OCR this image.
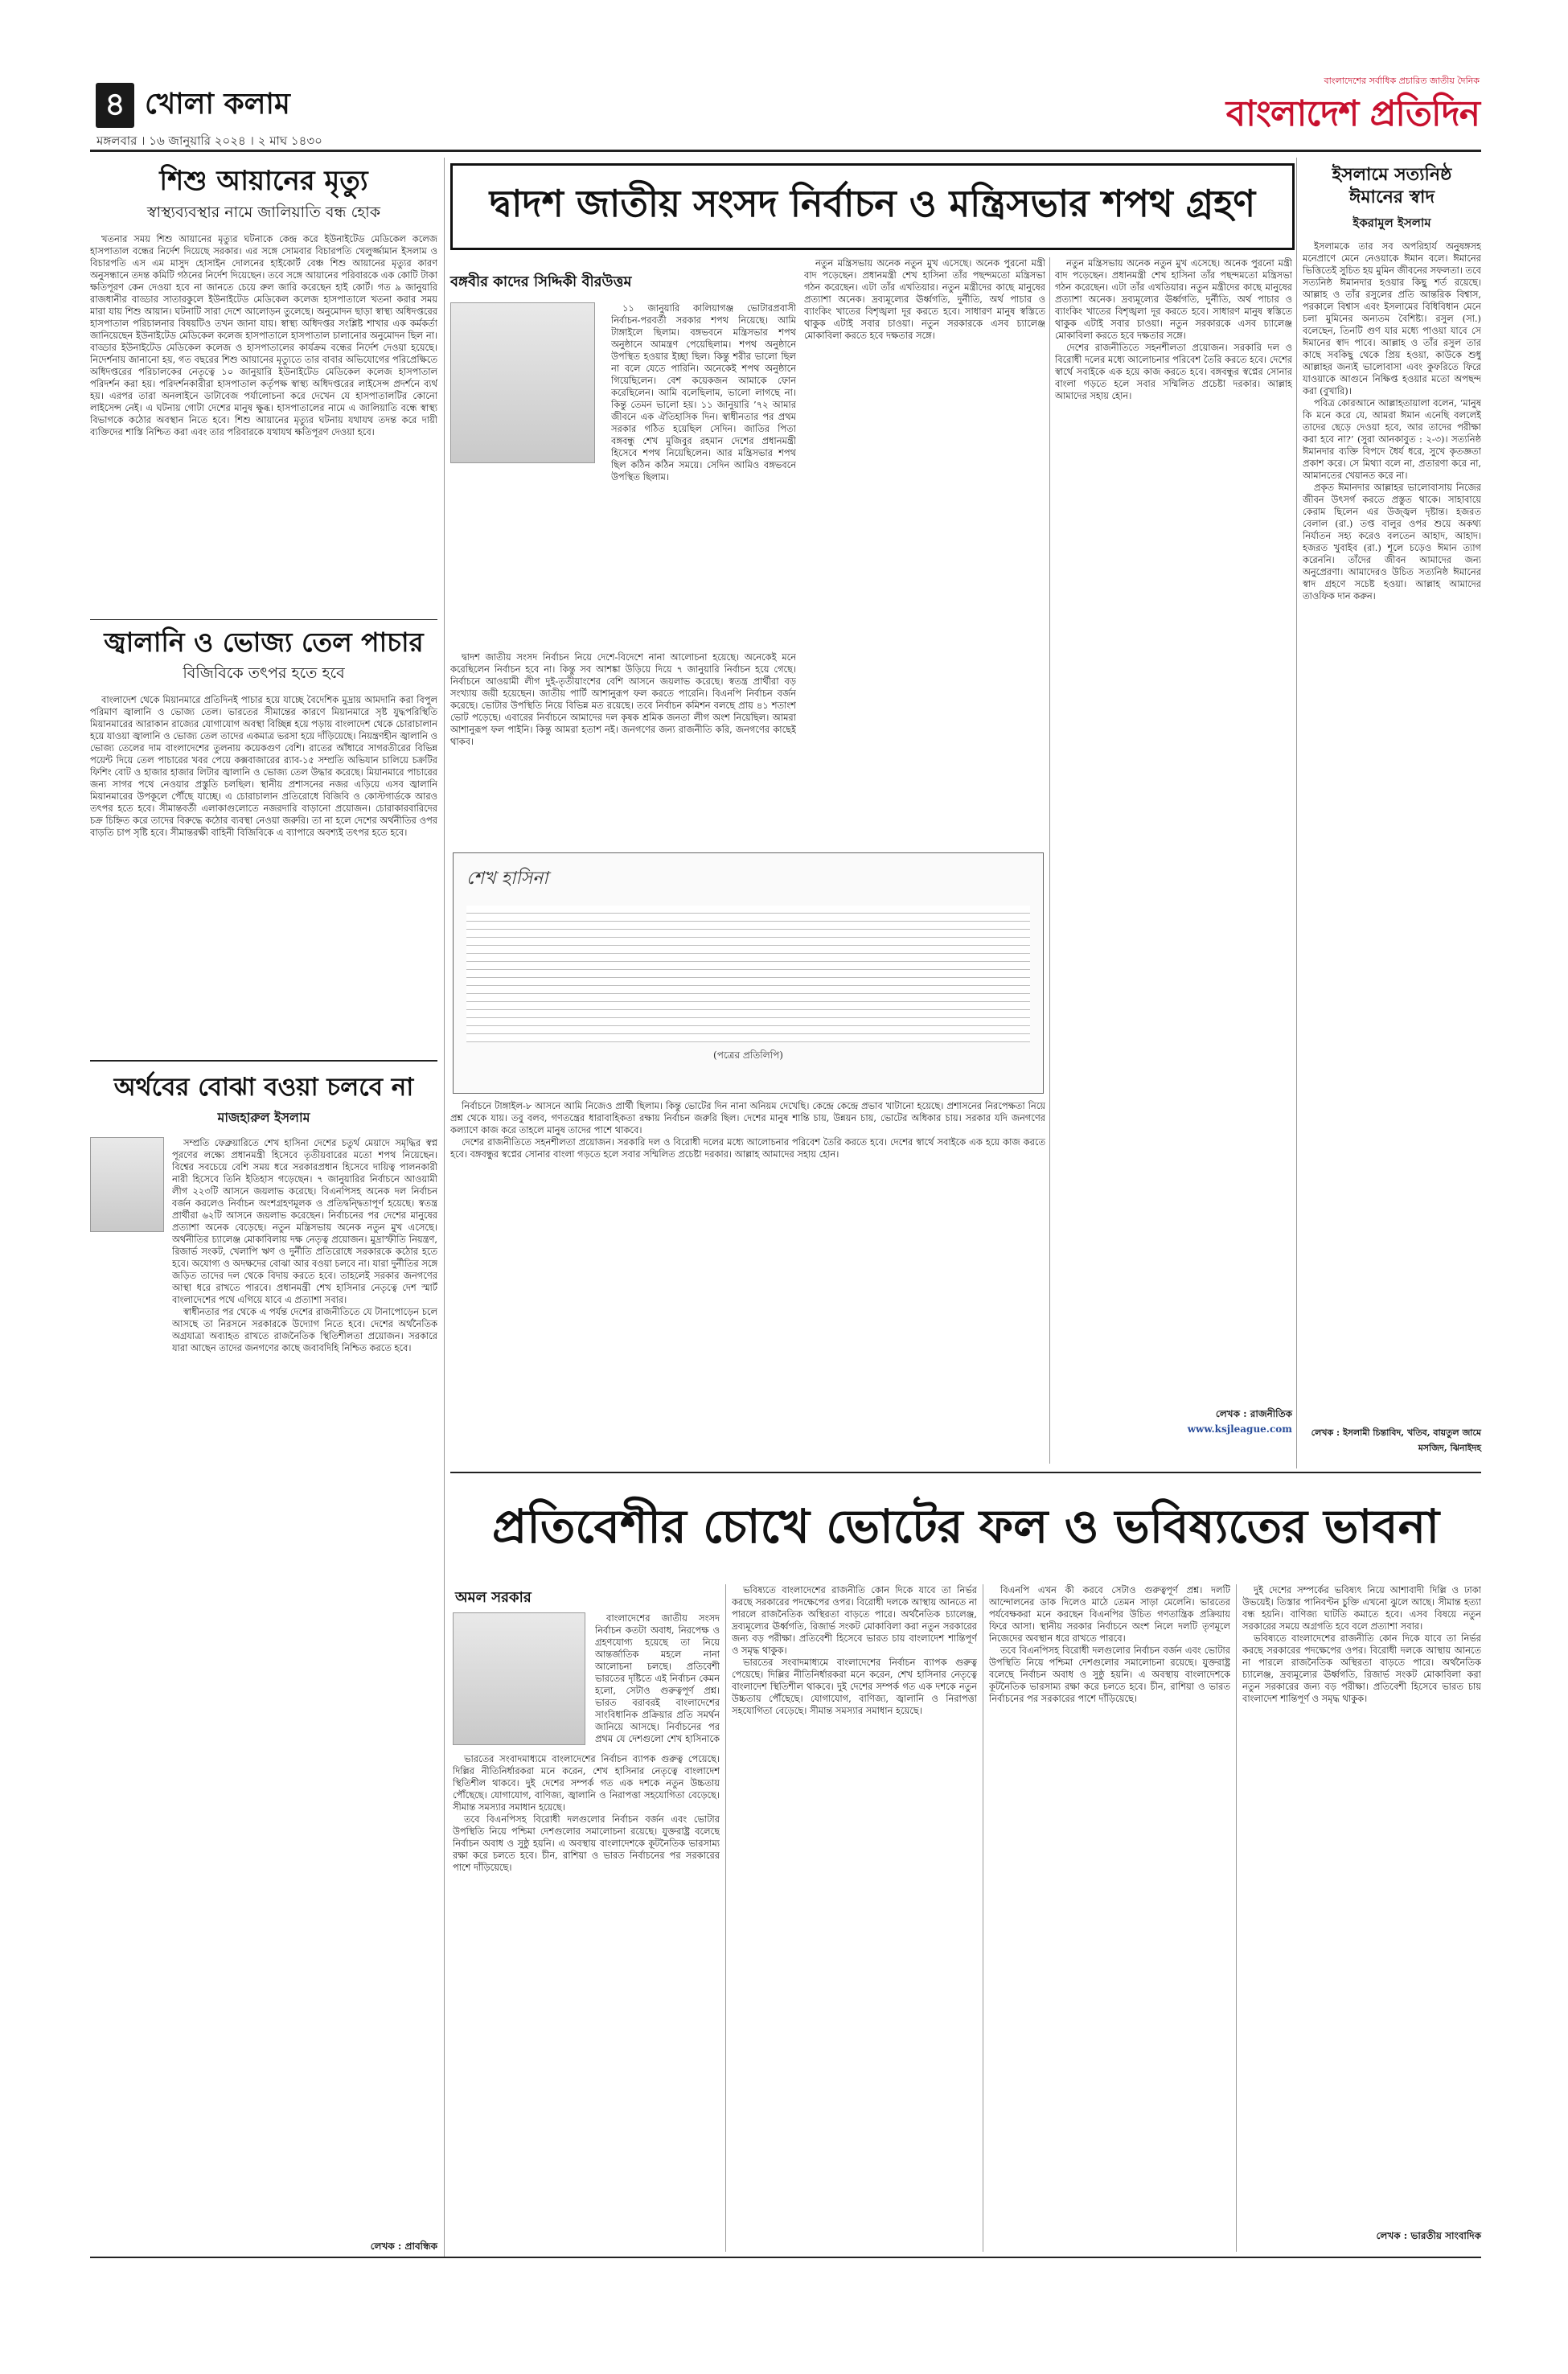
৪ খোলা কলাম
মঙ্গলবার । ১৬ জানুয়ারি ২০২৪ । ২ মাঘ ১৪৩০
বাংলাদেশের সর্বাধিক প্রচারিত জাতীয় দৈনিক
বাংলাদেশ প্রতিদিন
শিশু আয়ানের মৃত্যু
স্বাস্থ্যব্যবস্থার নামে জালিয়াতি বন্ধ হোক

খতনার সময় শিশু আয়ানের মৃত্যুর ঘটনাকে কেন্দ্র করে ইউনাইটেড মেডিকেল কলেজ হাসপাতাল বন্ধের নির্দেশ দিয়েছে সরকার। এর সঙ্গে সোমবার বিচারপতি খেলুর্জ্জামান ইসলাম ও বিচারপতি এস এম মাসুদ হোসাইন দোলনের হাইকোর্ট বেঞ্চ শিশু আয়ানের মৃত্যুর কারণ অনুসন্ধানে তদন্ত কমিটি গঠনের নির্দেশ দিয়েছেন। তবে সঙ্গে আয়ানের পরিবারকে এক কোটি টাকা ক্ষতিপূরণ কেন দেওয়া হবে না জানতে চেয়ে রুল জারি করেছেন হাই কোর্ট। গত ৯ জানুয়ারি রাজধানীর বাড্ডার সাতারকুলে ইউনাইটেড মেডিকেল কলেজ হাসপাতালে খতনা করার সময় মারা যায় শিশু আয়ান। ঘটনাটি সারা দেশে আলোড়ন তুলেছে। অনুমোদন ছাড়া স্বাস্থ্য অধিদপ্তরের হাসপাতাল পরিচালনার বিষয়টিও তখন জানা যায়। স্বাস্থ্য অধিদপ্তর সংশ্লিষ্ট শাখার এক কর্মকর্তা জানিয়েছেন ইউনাইটেড মেডিকেল কলেজ হাসপাতালে হাসপাতাল চালানোর অনুমোদন ছিল না। বাড্ডার ইউনাইটেড মেডিকেল কলেজ ও হাসপাতালের কার্যক্রম বন্ধের নির্দেশ দেওয়া হয়েছে। নিদের্শনায় জানানো হয়, গত বছরের শিশু আয়ানের মৃত্যুতে তার বাবার অভিযোগের পরিপ্রেক্ষিতে অধিদপ্তরের পরিচালকের নেতৃত্বে ১০ জানুয়ারি ইউনাইটেড মেডিকেল কলেজ হাসপাতাল পরিদর্শন করা হয়। পরিদর্শনকারীরা হাসপাতাল কর্তৃপক্ষ স্বাস্থ্য অধিদপ্তরের লাইসেন্স প্রদর্শনে ব্যর্থ হয়। এরপর তারা অনলাইনে ডাটাবেজ পর্যালোচনা করে দেখেন যে হাসপাতালটির কোনো লাইসেন্স নেই। এ ঘটনায় গোটা দেশের মানুষ ক্ষুব্ধ। হাসপাতালের নামে এ জালিয়াতি বন্ধে স্বাস্থ্য বিভাগকে কঠোর অবস্থান নিতে হবে। শিশু আয়ানের মৃত্যুর ঘটনায় যথাযথ তদন্ত করে দায়ী ব্যক্তিদের শাস্তি নিশ্চিত করা এবং তার পরিবারকে যথাযথ ক্ষতিপূরণ দেওয়া হবে।

জ্বালানি ও ভোজ্য তেল পাচার
বিজিবিকে তৎপর হতে হবে

বাংলাদেশ থেকে মিয়ানমারে প্রতিদিনই পাচার হয়ে যাচ্ছে বৈদেশিক মুদ্রায় আমদানি করা বিপুল পরিমাণ জ্বালানি ও ভোজ্য তেল। ভারতের সীমান্তের কারণে মিয়ানমারে সৃষ্ট যুদ্ধপরিস্থিতি মিয়ানমারের আরাকান রাজ্যের যোগাযোগ অবস্থা বিচ্ছিন্ন হয়ে পড়ায় বাংলাদেশ থেকে চোরাচালান হয়ে যাওয়া জ্বালানি ও ভোজ্য তেল তাদের একমাত্র ভরসা হয়ে দাঁড়িয়েছে। নিয়ন্ত্রণহীন জ্বালানি ও ভোজ্য তেলের দাম বাংলাদেশের তুলনায় কয়েকগুণ বেশি। রাতের আঁধারে সাগরতীরের বিভিন্ন পয়েন্ট দিয়ে তেল পাচারের খবর পেয়ে কক্সবাজারের র‌্যাব-১৫ সম্প্রতি অভিযান চালিয়ে চক্রটির ফিশিং বোট ও হাজার হাজার লিটার জ্বালানি ও ভোজ্য তেল উদ্ধার করেছে। মিয়ানমারে পাচারের জন্য সাগর পথে নেওয়ার প্রস্তুতি চলছিল। স্থানীয় প্রশাসনের নজর এড়িয়ে এসব জ্বালানি মিয়ানমারের উপকূলে পৌঁছে যাচ্ছে। এ চোরাচালান প্রতিরোধে বিজিবি ও কোস্টগার্ডকে আরও তৎপর হতে হবে। সীমান্তবর্তী এলাকাগুলোতে নজরদারি বাড়ানো প্রয়োজন। চোরাকারবারিদের চক্র চিহ্নিত করে তাদের বিরুদ্ধে কঠোর ব্যবস্থা নেওয়া জরুরি। তা না হলে দেশের অর্থনীতির ওপর বাড়তি চাপ সৃষ্টি হবে। সীমান্তরক্ষী বাহিনী বিজিবিকে এ ব্যাপারে অবশ্যই তৎপর হতে হবে।

অর্থবের বোঝা বওয়া চলবে না
মাজহারুল ইসলাম

সম্প্রতি ফেব্রুয়ারিতে শেখ হাসিনা দেশের চতুর্থ মেয়াদে সমৃদ্ধির স্বপ্ন পূরণের লক্ষ্যে প্রধানমন্ত্রী হিসেবে তৃতীয়বারের মতো শপথ নিয়েছেন। বিশ্বের সবচেয়ে বেশি সময় ধরে সরকারপ্রধান হিসেবে দায়িত্ব পালনকারী নারী হিসেবে তিনি ইতিহাস গড়েছেন। ৭ জানুয়ারির নির্বাচনে আওয়ামী লীগ ২২৩টি আসনে জয়লাভ করেছে। বিএনপিসহ অনেক দল নির্বাচন বর্জন করলেও নির্বাচন অংশগ্রহণমূলক ও প্রতিদ্বন্দ্বিতাপূর্ণ হয়েছে। স্বতন্ত্র প্রার্থীরা ৬২টি আসনে জয়লাভ করেছেন। নির্বাচনের পর দেশের মানুষের প্রত্যাশা অনেক বেড়েছে। নতুন মন্ত্রিসভায় অনেক নতুন মুখ এসেছে। অর্থনীতির চ্যালেঞ্জ মোকাবিলায় দক্ষ নেতৃত্ব প্রয়োজন। মুদ্রাস্ফীতি নিয়ন্ত্রণ, রিজার্ভ সংকট, খেলাপি ঋণ ও দুর্নীতি প্রতিরোধে সরকারকে কঠোর হতে হবে। অযোগ্য ও অদক্ষদের বোঝা আর বওয়া চলবে না। যারা দুর্নীতির সঙ্গে জড়িত তাদের দল থেকে বিদায় করতে হবে। তাহলেই সরকার জনগণের আস্থা ধরে রাখতে পারবে। প্রধানমন্ত্রী শেখ হাসিনার নেতৃত্বে দেশ স্মার্ট বাংলাদেশের পথে এগিয়ে যাবে এ প্রত্যাশা সবার।

স্বাধীনতার পর থেকে এ পর্যন্ত দেশের রাজনীতিতে যে টানাপোড়েন চলে আসছে তা নিরসনে সরকারকে উদ্যোগ নিতে হবে। দেশের অর্থনৈতিক অগ্রযাত্রা অব্যাহত রাখতে রাজনৈতিক স্থিতিশীলতা প্রয়োজন। সরকারে যারা আছেন তাদের জনগণের কাছে জবাবদিহি নিশ্চিত করতে হবে।

লেখক : প্রাবন্ধিক
দ্বাদশ জাতীয় সংসদ নির্বাচন ও মন্ত্রিসভার শপথ গ্রহণ
বঙ্গবীর কাদের সিদ্দিকী বীরউত্তম

১১ জানুয়ারি কালিয়াগঞ্জ ভোটারপ্রবাসী নির্বাচন-পরবর্তী সরকার শপথ নিয়েছে। আমি টাঙ্গাইলে ছিলাম। বঙ্গভবনে মন্ত্রিসভার শপথ অনুষ্ঠানে আমন্ত্রণ পেয়েছিলাম। শপথ অনুষ্ঠানে উপস্থিত হওয়ার ইচ্ছা ছিল। কিন্তু শরীর ভালো ছিল না বলে যেতে পারিনি। অনেকেই শপথ অনুষ্ঠানে গিয়েছিলেন। বেশ কয়েকজন আমাকে ফোন করেছিলেন। আমি বলেছিলাম, ভালো লাগছে না। কিন্তু তেমন ভালো হয়। ১১ জানুয়ারি ’৭২ আমার জীবনে এক ঐতিহাসিক দিন। স্বাধীনতার পর প্রথম সরকার গঠিত হয়েছিল সেদিন। জাতির পিতা বঙ্গবন্ধু শেখ মুজিবুর রহমান দেশের প্রধানমন্ত্রী হিসেবে শপথ নিয়েছিলেন। আর মন্ত্রিসভার শপথ ছিল কঠিন কঠিন সময়ে। সেদিন আমিও বঙ্গভবনে উপস্থিত ছিলাম।

দ্বাদশ জাতীয় সংসদ নির্বাচন নিয়ে দেশে-বিদেশে নানা আলোচনা হয়েছে। অনেকেই মনে করেছিলেন নির্বাচন হবে না। কিন্তু সব আশঙ্কা উড়িয়ে দিয়ে ৭ জানুয়ারি নির্বাচন হয়ে গেছে। নির্বাচনে আওয়ামী লীগ দুই-তৃতীয়াংশের বেশি আসনে জয়লাভ করেছে। স্বতন্ত্র প্রার্থীরা বড় সংখ্যায় জয়ী হয়েছেন। জাতীয় পার্টি আশানুরূপ ফল করতে পারেনি। বিএনপি নির্বাচন বর্জন করেছে। ভোটার উপস্থিতি নিয়ে বিভিন্ন মত রয়েছে। তবে নির্বাচন কমিশন বলছে প্রায় ৪১ শতাংশ ভোট পড়েছে। এবারের নির্বাচনে আমাদের দল কৃষক শ্রমিক জনতা লীগ অংশ নিয়েছিল। আমরা আশানুরূপ ফল পাইনি। কিন্তু আমরা হতাশ নই। জনগণের জন্য রাজনীতি করি, জনগণের কাছেই থাকব।

নতুন মন্ত্রিসভায় অনেক নতুন মুখ এসেছে। অনেক পুরনো মন্ত্রী বাদ পড়েছেন। প্রধানমন্ত্রী শেখ হাসিনা তাঁর পছন্দমতো মন্ত্রিসভা গঠন করেছেন। এটা তাঁর এখতিয়ার। নতুন মন্ত্রীদের কাছে মানুষের প্রত্যাশা অনেক। দ্রব্যমূল্যের ঊর্ধ্বগতি, দুর্নীতি, অর্থ পাচার ও ব্যাংকিং খাতের বিশৃঙ্খলা দূর করতে হবে। সাধারণ মানুষ স্বস্তিতে থাকুক এটাই সবার চাওয়া। নতুন সরকারকে এসব চ্যালেঞ্জ মোকাবিলা করতে হবে দক্ষতার সঙ্গে।

শেখ হাসিনা
(পত্রের প্রতিলিপি)

নির্বাচনে টাঙ্গাইল-৮ আসনে আমি নিজেও প্রার্থী ছিলাম। কিন্তু ভোটের দিন নানা অনিয়ম দেখেছি। কেন্দ্রে কেন্দ্রে প্রভাব খাটানো হয়েছে। প্রশাসনের নিরপেক্ষতা নিয়ে প্রশ্ন থেকে যায়। তবু বলব, গণতন্ত্রের ধারাবাহিকতা রক্ষায় নির্বাচন জরুরি ছিল। দেশের মানুষ শান্তি চায়, উন্নয়ন চায়, ভোটের অধিকার চায়। সরকার যদি জনগণের কল্যাণে কাজ করে তাহলে মানুষ তাদের পাশে থাকবে।

দেশের রাজনীতিতে সহনশীলতা প্রয়োজন। সরকারি দল ও বিরোধী দলের মধ্যে আলোচনার পরিবেশ তৈরি করতে হবে। দেশের স্বার্থে সবাইকে এক হয়ে কাজ করতে হবে। বঙ্গবন্ধুর স্বপ্নের সোনার বাংলা গড়তে হলে সবার সম্মিলিত প্রচেষ্টা দরকার। আল্লাহ আমাদের সহায় হোন।

নতুন মন্ত্রিসভায় অনেক নতুন মুখ এসেছে। অনেক পুরনো মন্ত্রী বাদ পড়েছেন। প্রধানমন্ত্রী শেখ হাসিনা তাঁর পছন্দমতো মন্ত্রিসভা গঠন করেছেন। এটা তাঁর এখতিয়ার। নতুন মন্ত্রীদের কাছে মানুষের প্রত্যাশা অনেক। দ্রব্যমূল্যের ঊর্ধ্বগতি, দুর্নীতি, অর্থ পাচার ও ব্যাংকিং খাতের বিশৃঙ্খলা দূর করতে হবে। সাধারণ মানুষ স্বস্তিতে থাকুক এটাই সবার চাওয়া। নতুন সরকারকে এসব চ্যালেঞ্জ মোকাবিলা করতে হবে দক্ষতার সঙ্গে।

দেশের রাজনীতিতে সহনশীলতা প্রয়োজন। সরকারি দল ও বিরোধী দলের মধ্যে আলোচনার পরিবেশ তৈরি করতে হবে। দেশের স্বার্থে সবাইকে এক হয়ে কাজ করতে হবে। বঙ্গবন্ধুর স্বপ্নের সোনার বাংলা গড়তে হলে সবার সম্মিলিত প্রচেষ্টা দরকার। আল্লাহ আমাদের সহায় হোন।

লেখক : রাজনীতিক
www.ksjleague.com
ইসলামে সত্যনিষ্ঠ ঈমানের স্বাদ
ইকরামুল ইসলাম

ইসলামকে তার সব অপরিহার্য অনুষঙ্গসহ মনেপ্রাণে মেনে নেওয়াকে ঈমান বলে। ঈমানের ভিত্তিতেই সুচিত হয় মুমিন জীবনের সফলতা। তবে সত্যনিষ্ঠ ঈমানদার হওয়ার কিছু শর্ত রয়েছে। আল্লাহ ও তাঁর রসুলের প্রতি আন্তরিক বিশ্বাস, পরকালে বিশ্বাস এবং ইসলামের বিধিবিধান মেনে চলা মুমিনের অন্যতম বৈশিষ্ট্য। রসুল (সা.) বলেছেন, তিনটি গুণ যার মধ্যে পাওয়া যাবে সে ঈমানের স্বাদ পাবে। আল্লাহ ও তাঁর রসুল তার কাছে সবকিছু থেকে প্রিয় হওয়া, কাউকে শুধু আল্লাহর জন্যই ভালোবাসা এবং কুফরিতে ফিরে যাওয়াকে আগুনে নিক্ষিপ্ত হওয়ার মতো অপছন্দ করা (বুখারি)।

পবিত্র কোরআনে আল্লাহতায়ালা বলেন, ‘মানুষ কি মনে করে যে, আমরা ঈমান এনেছি বললেই তাদের ছেড়ে দেওয়া হবে, আর তাদের পরীক্ষা করা হবে না?’ (সুরা আনকাবুত : ২-৩)। সত্যনিষ্ঠ ঈমানদার ব্যক্তি বিপদে ধৈর্য ধরে, সুখে কৃতজ্ঞতা প্রকাশ করে। সে মিথ্যা বলে না, প্রতারণা করে না, আমানতের খেয়ানত করে না।

প্রকৃত ঈমানদার আল্লাহর ভালোবাসায় নিজের জীবন উৎসর্গ করতে প্রস্তুত থাকে। সাহাবায়ে কেরাম ছিলেন এর উজ্জ্বল দৃষ্টান্ত। হজরত বেলাল (রা.) তপ্ত বালুর ওপর শুয়ে অকথ্য নির্যাতন সহ্য করেও বলতেন আহাদ, আহাদ। হজরত খুবাইব (রা.) শূলে চড়েও ঈমান ত্যাগ করেননি। তাঁদের জীবন আমাদের জন্য অনুপ্রেরণা। আমাদেরও উচিত সত্যনিষ্ঠ ঈমানের স্বাদ গ্রহণে সচেষ্ট হওয়া। আল্লাহ আমাদের তাওফিক দান করুন।

লেখক : ইসলামী চিন্তাবিদ, খতিব, বায়তুল জামে মসজিদ, ঝিনাইদহ
প্রতিবেশীর চোখে ভোটের ফল ও ভবিষ্যতের ভাবনা
অমল সরকার

বাংলাদেশের জাতীয় সংসদ নির্বাচন কতটা অবাধ, নিরপেক্ষ ও গ্রহণযোগ্য হয়েছে তা নিয়ে আন্তর্জাতিক মহলে নানা আলোচনা চলছে। প্রতিবেশী ভারতের দৃষ্টিতে এই নির্বাচন কেমন হলো, সেটাও গুরুত্বপূর্ণ প্রশ্ন। ভারত বরাবরই বাংলাদেশের সাংবিধানিক প্রক্রিয়ার প্রতি সমর্থন জানিয়ে আসছে। নির্বাচনের পর প্রথম যে দেশগুলো শেখ হাসিনাকে

ভারতের সংবাদমাধ্যমে বাংলাদেশের নির্বাচন ব্যাপক গুরুত্ব পেয়েছে। দিল্লির নীতিনির্ধারকরা মনে করেন, শেখ হাসিনার নেতৃত্বে বাংলাদেশ স্থিতিশীল থাকবে। দুই দেশের সম্পর্ক গত এক দশকে নতুন উচ্চতায় পৌঁছেছে। যোগাযোগ, বাণিজ্য, জ্বালানি ও নিরাপত্তা সহযোগিতা বেড়েছে। সীমান্ত সমস্যার সমাধান হয়েছে।

তবে বিএনপিসহ বিরোধী দলগুলোর নির্বাচন বর্জন এবং ভোটার উপস্থিতি নিয়ে পশ্চিমা দেশগুলোর সমালোচনা রয়েছে। যুক্তরাষ্ট্র বলেছে নির্বাচন অবাধ ও সুষ্ঠু হয়নি। এ অবস্থায় বাংলাদেশকে কূটনৈতিক ভারসাম্য রক্ষা করে চলতে হবে। চীন, রাশিয়া ও ভারত নির্বাচনের পর সরকারের পাশে দাঁড়িয়েছে।

ভবিষ্যতে বাংলাদেশের রাজনীতি কোন দিকে যাবে তা নির্ভর করছে সরকারের পদক্ষেপের ওপর। বিরোধী দলকে আস্থায় আনতে না পারলে রাজনৈতিক অস্থিরতা বাড়তে পারে। অর্থনৈতিক চ্যালেঞ্জ, দ্রব্যমূল্যের ঊর্ধ্বগতি, রিজার্ভ সংকট মোকাবিলা করা নতুন সরকারের জন্য বড় পরীক্ষা। প্রতিবেশী হিসেবে ভারত চায় বাংলাদেশ শান্তিপূর্ণ ও সমৃদ্ধ থাকুক।

ভারতের সংবাদমাধ্যমে বাংলাদেশের নির্বাচন ব্যাপক গুরুত্ব পেয়েছে। দিল্লির নীতিনির্ধারকরা মনে করেন, শেখ হাসিনার নেতৃত্বে বাংলাদেশ স্থিতিশীল থাকবে। দুই দেশের সম্পর্ক গত এক দশকে নতুন উচ্চতায় পৌঁছেছে। যোগাযোগ, বাণিজ্য, জ্বালানি ও নিরাপত্তা সহযোগিতা বেড়েছে। সীমান্ত সমস্যার সমাধান হয়েছে।

বিএনপি এখন কী করবে সেটাও গুরুত্বপূর্ণ প্রশ্ন। দলটি আন্দোলনের ডাক দিলেও মাঠে তেমন সাড়া মেলেনি। ভারতের পর্যবেক্ষকরা মনে করছেন বিএনপির উচিত গণতান্ত্রিক প্রক্রিয়ায় ফিরে আসা। স্থানীয় সরকার নির্বাচনে অংশ নিলে দলটি তৃণমূলে নিজেদের অবস্থান ধরে রাখতে পারবে।

তবে বিএনপিসহ বিরোধী দলগুলোর নির্বাচন বর্জন এবং ভোটার উপস্থিতি নিয়ে পশ্চিমা দেশগুলোর সমালোচনা রয়েছে। যুক্তরাষ্ট্র বলেছে নির্বাচন অবাধ ও সুষ্ঠু হয়নি। এ অবস্থায় বাংলাদেশকে কূটনৈতিক ভারসাম্য রক্ষা করে চলতে হবে। চীন, রাশিয়া ও ভারত নির্বাচনের পর সরকারের পাশে দাঁড়িয়েছে।

দুই দেশের সম্পর্কের ভবিষ্যৎ নিয়ে আশাবাদী দিল্লি ও ঢাকা উভয়েই। তিস্তার পানিবণ্টন চুক্তি এখনো ঝুলে আছে। সীমান্ত হত্যা বন্ধ হয়নি। বাণিজ্য ঘাটতি কমাতে হবে। এসব বিষয়ে নতুন সরকারের সময়ে অগ্রগতি হবে বলে প্রত্যাশা সবার।

ভবিষ্যতে বাংলাদেশের রাজনীতি কোন দিকে যাবে তা নির্ভর করছে সরকারের পদক্ষেপের ওপর। বিরোধী দলকে আস্থায় আনতে না পারলে রাজনৈতিক অস্থিরতা বাড়তে পারে। অর্থনৈতিক চ্যালেঞ্জ, দ্রব্যমূল্যের ঊর্ধ্বগতি, রিজার্ভ সংকট মোকাবিলা করা নতুন সরকারের জন্য বড় পরীক্ষা। প্রতিবেশী হিসেবে ভারত চায় বাংলাদেশ শান্তিপূর্ণ ও সমৃদ্ধ থাকুক।

লেখক : ভারতীয় সাংবাদিক
